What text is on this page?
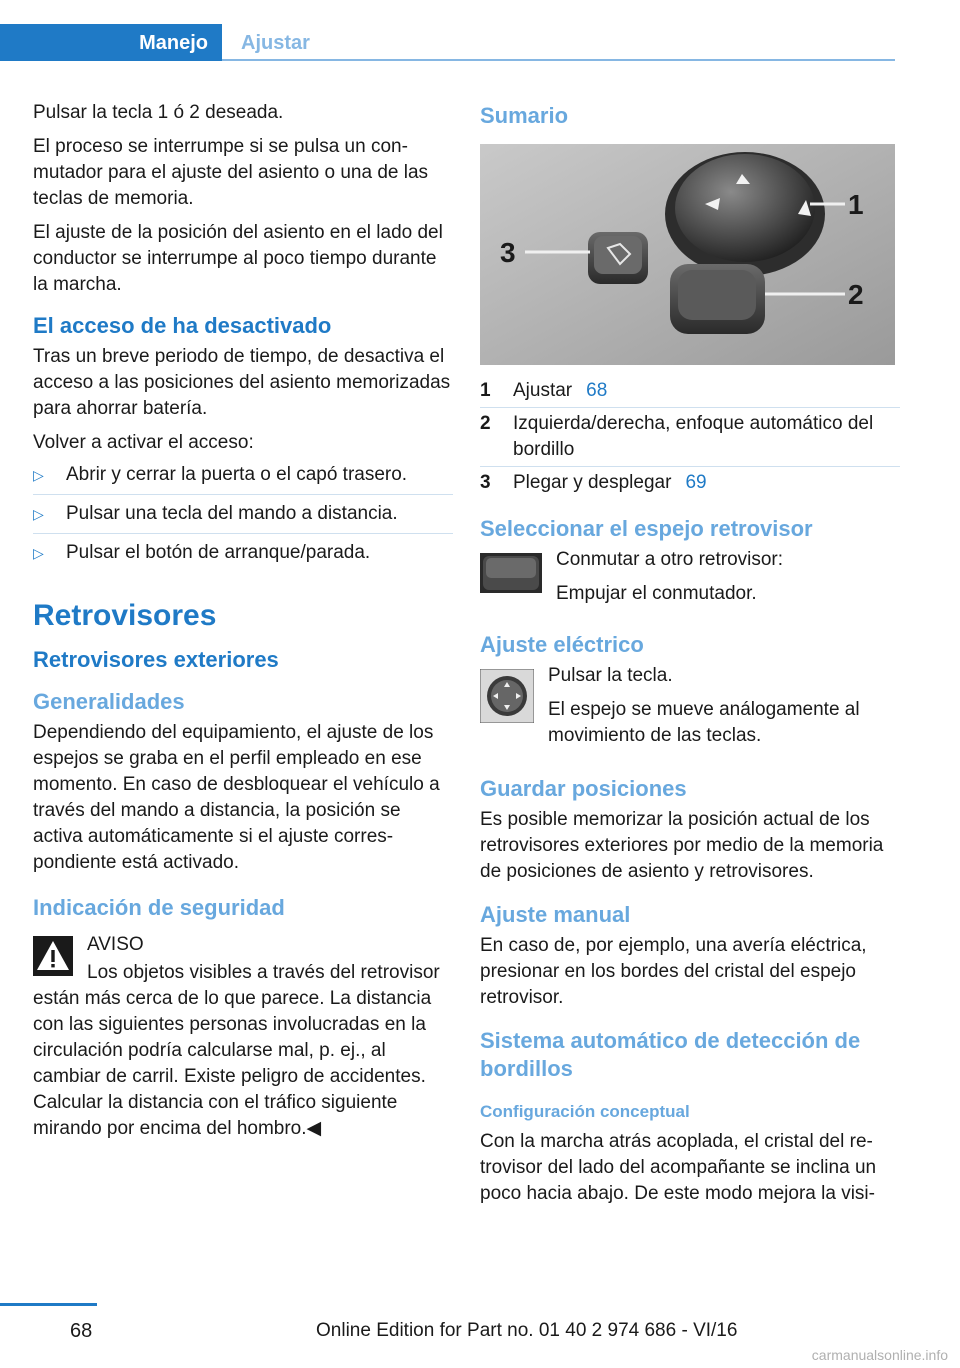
Manejo Ajustar

Pulsar la tecla 1 ó 2 deseada.

El proceso se interrumpe si se pulsa un conmutador para el ajuste del asiento o una de las teclas de memoria.

El ajuste de la posición del asiento en el lado del conductor se interrumpe al poco tiempo durante la marcha.

El acceso de ha desactivado

Tras un breve periodo de tiempo, de desactiva el acceso a las posiciones del asiento memorizadas para ahorrar batería.

Volver a activar el acceso:

▷ Abrir y cerrar la puerta o el capó trasero.
▷ Pulsar una tecla del mando a distancia.
▷ Pulsar el botón de arranque/parada.
Retrovisores
Retrovisores exteriores
Generalidades

Dependiendo del equipamiento, el ajuste de los espejos se graba en el perfil empleado en ese momento. En caso de desbloquear el vehículo a través del mando a distancia, la posición se activa automáticamente si el ajuste correspondiente está activado.

Indicación de seguridad
AVISO

Los objetos visibles a través del retrovisor están más cerca de lo que parece. La distancia con las siguientes personas involucradas en la circulación podría calcularse mal, p. ej., al cambiar de carril. Existe peligro de accidentes. Calcular la distancia con el tráfico siguiente mirando por encima del hombro.◀

Sumario
1
2
3
1	Ajustar 68
2	Izquierda/derecha, enfoque automático del bordillo
3	Plegar y desplegar 69
Seleccionar el espejo retrovisor

Conmutar a otro retrovisor:

Empujar el conmutador.

Ajuste eléctrico

Pulsar la tecla.

El espejo se mueve análogamente al movimiento de las teclas.

Guardar posiciones

Es posible memorizar la posición actual de los retrovisores exteriores por medio de la memoria de posiciones de asiento y retrovisores.

Ajuste manual

En caso de, por ejemplo, una avería eléctrica, presionar en los bordes del cristal del espejo retrovisor.

Sistema automático de detección de bordillos
Configuración conceptual

Con la marcha atrás acoplada, el cristal del retrovisor del lado del acompañante se inclina un poco hacia abajo. De este modo mejora la visi-

68	Online Edition for Part no. 01 40 2 974 686 - VI/16
carmanualsonline.info
